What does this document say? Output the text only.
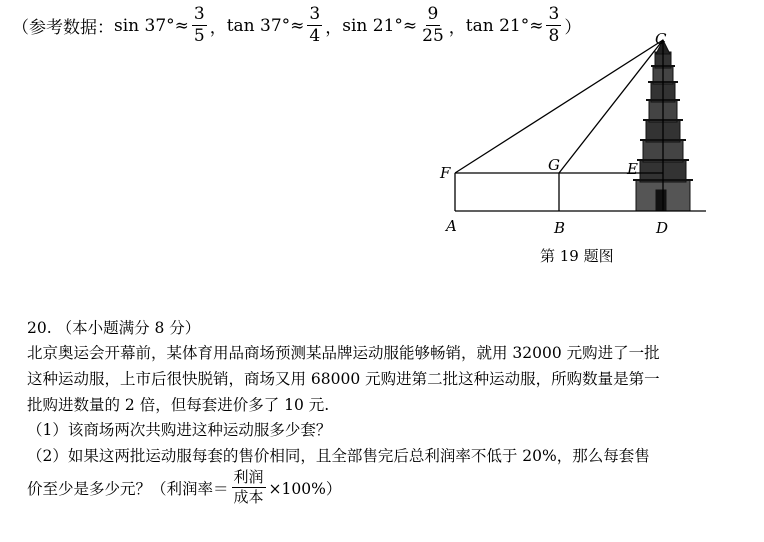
（参考数据： $\sin 37^\circ\approx \frac{3}{5}$ ， $\tan 37^\circ\approx \frac{3}{4}$ ， $\sin 21^\circ\approx \frac{9}{25}$ ， $\tan 21^\circ\approx \frac{3}{8}$ ）
C
F	G	E
A	B	D
第 19 题图
20. （本小题满分 8 分）
北京奥运会开幕前，某体育用品商场预测某品牌运动服能够畅销，就用 32000 元购进了一批
这种运动服，上市后很快脱销，商场又用 68000 元购进第二批这种运动服，所购数量是第一
批购进数量的 2 倍，但每套进价多了 10 元.
（1）该商场两次共购进这种运动服多少套？
（2）如果这两批运动服每套的售价相同，且全部售完后总利润率不低于 20%，那么每套售
价至少是多少元？（利润率＝ $\frac{\text{利润}}{\text{成本}} \times 100\%$）
